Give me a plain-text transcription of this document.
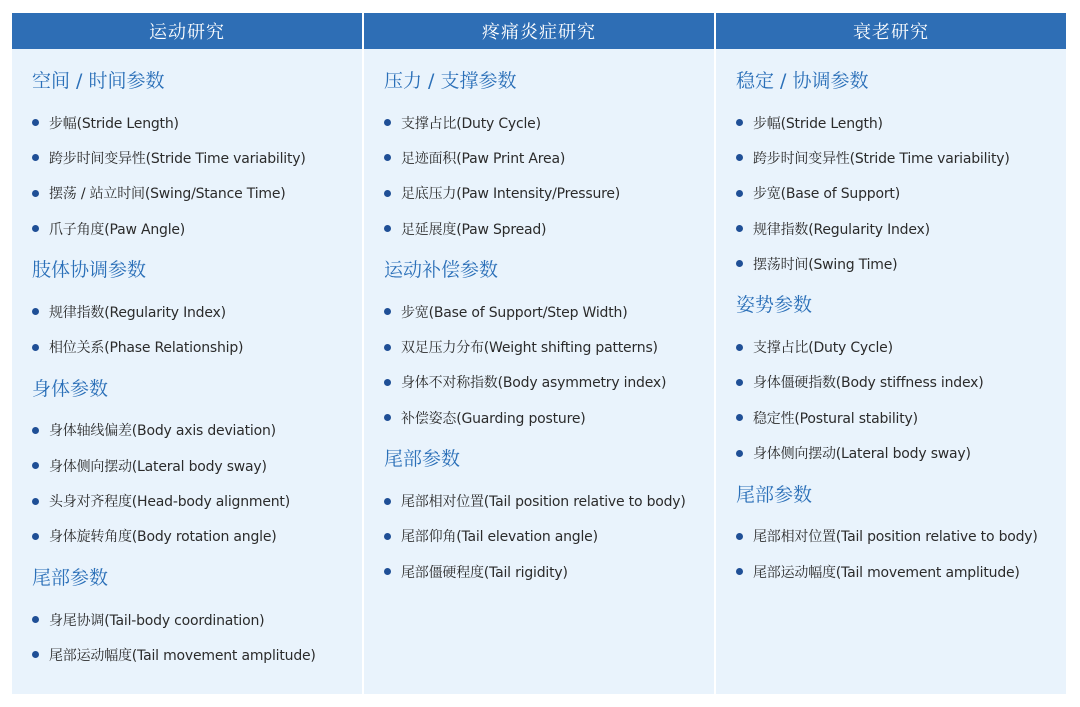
运动研究
空间 / 时间参数
步幅(Stride Length)
跨步时间变异性(Stride Time variability)
摆荡 / 站立时间(Swing/Stance Time)
爪子角度(Paw Angle)
肢体协调参数
规律指数(Regularity Index)
相位关系(Phase Relationship)
身体参数
身体轴线偏差(Body axis deviation)
身体侧向摆动(Lateral body sway)
头身对齐程度(Head-body alignment)
身体旋转角度(Body rotation angle)
尾部参数
身尾协调(Tail-body coordination)
尾部运动幅度(Tail movement amplitude)
疼痛炎症研究
压力 / 支撑参数
支撑占比(Duty Cycle)
足迹面积(Paw Print Area)
足底压力(Paw Intensity/Pressure)
足延展度(Paw Spread)
运动补偿参数
步宽(Base of Support/Step Width)
双足压力分布(Weight shifting patterns)
身体不对称指数(Body asymmetry index)
补偿姿态(Guarding posture)
尾部参数
尾部相对位置(Tail position relative to body)
尾部仰角(Tail elevation angle)
尾部僵硬程度(Tail rigidity)
衰老研究
稳定 / 协调参数
步幅(Stride Length)
跨步时间变异性(Stride Time variability)
步宽(Base of Support)
规律指数(Regularity Index)
摆荡时间(Swing Time)
姿势参数
支撑占比(Duty Cycle)
身体僵硬指数(Body stiffness index)
稳定性(Postural stability)
身体侧向摆动(Lateral body sway)
尾部参数
尾部相对位置(Tail position relative to body)
尾部运动幅度(Tail movement amplitude)
